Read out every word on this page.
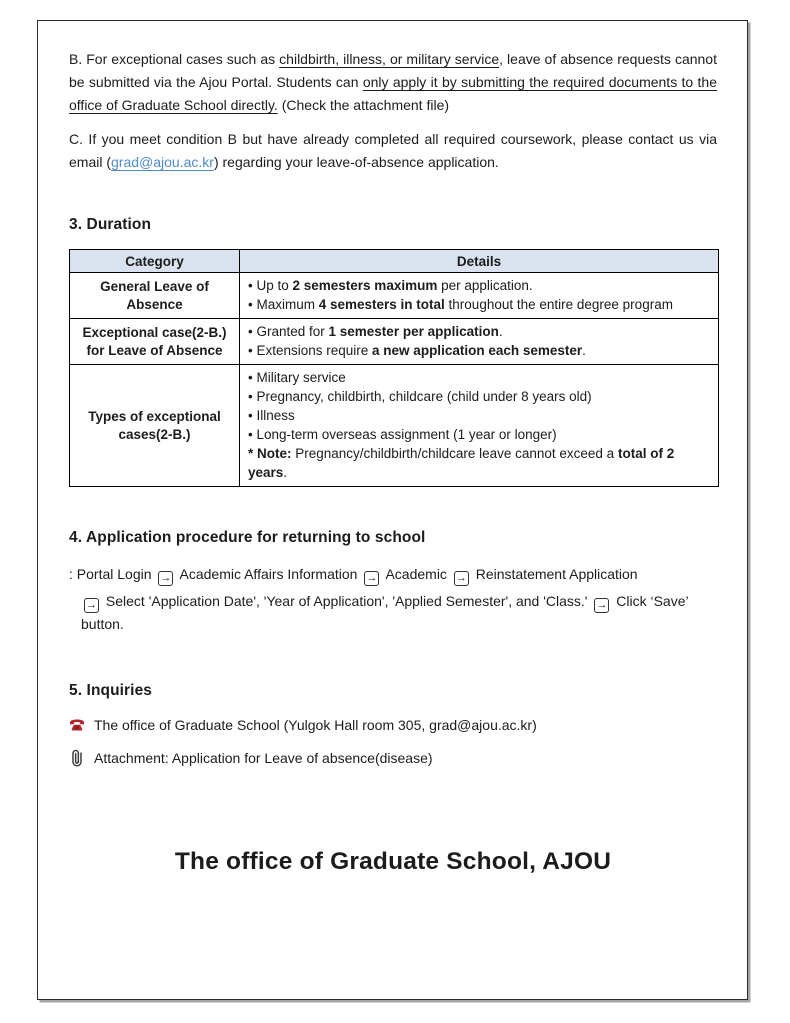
B. For exceptional cases such as childbirth, illness, or military service, leave of absence requests cannot be submitted via the Ajou Portal. Students can only apply it by submitting the required documents to the office of Graduate School directly. (Check the attachment file)

C. If you meet condition B but have already completed all required coursework, please contact us via email (grad@ajou.ac.kr) regarding your leave-of-absence application.

3. Duration
Category	Details
General Leave of Absence	• Up to 2 semesters maximum per application.
• Maximum 4 semesters in total throughout the entire degree program

Exceptional case(2-B.) for Leave of Absence	• Granted for 1 semester per application.
• Extensions require a new application each semester.

Types of exceptional cases(2-B.)	• Military service
• Pregnancy, childbirth, childcare (child under 8 years old)
• Illness
• Long-term overseas assignment (1 year or longer)
* Note: Pregnancy/childbirth/childcare leave cannot exceed a total of 2 years.
4. Application procedure for returning to school
: Portal Login → Academic Affairs Information → Academic → Reinstatement Application
→ Select 'Application Date', 'Year of Application', 'Applied Semester', and 'Class.' → Click ‘Save’ button.
5. Inquiries
The office of Graduate School (Yulgok Hall room 305, grad@ajou.ac.kr)
Attachment: Application for Leave of absence(disease)
The office of Graduate School, AJOU
